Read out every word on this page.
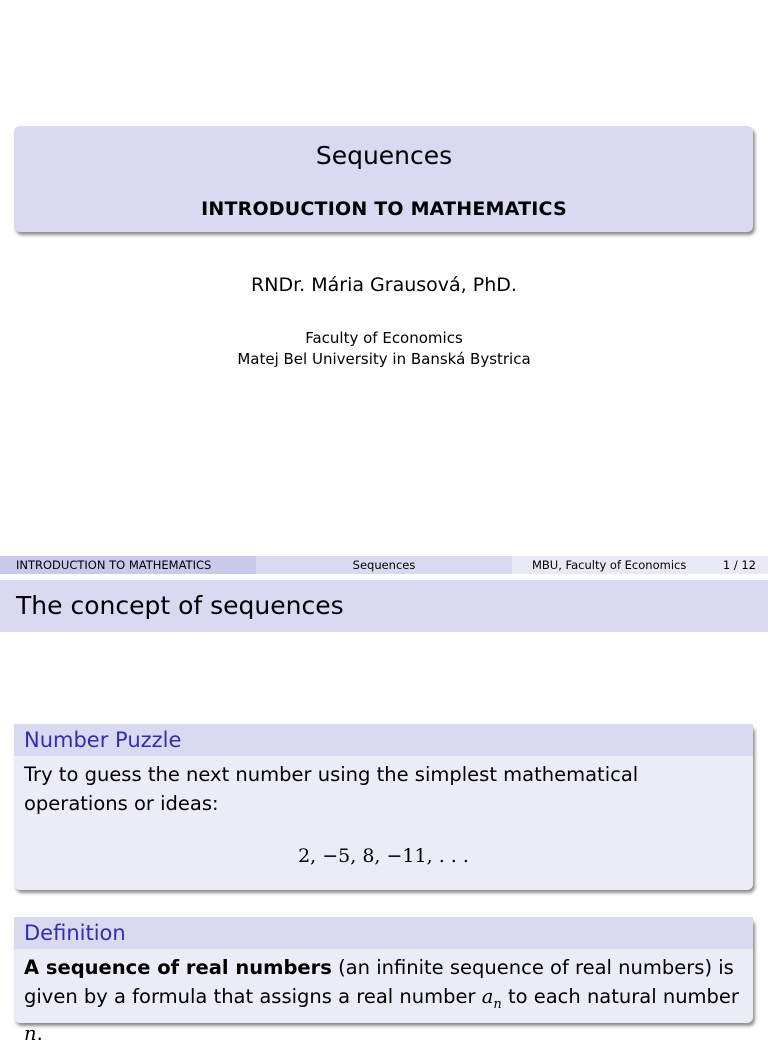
Sequences
INTRODUCTION TO MATHEMATICS
RNDr. Mária Grausová, PhD.
Faculty of Economics
Matej Bel University in Banská Bystrica
INTRODUCTION TO MATHEMATICS	Sequences	MBU, Faculty of Economics	1 / 12
The concept of sequences
Number Puzzle
Try to guess the next number using the simplest mathematical operations or ideas:
2, −5, 8, −11, . . .
Definition
A sequence of real numbers (an infinite sequence of real numbers) is given by a formula that assigns a real number $a_n$ to each natural number n.
